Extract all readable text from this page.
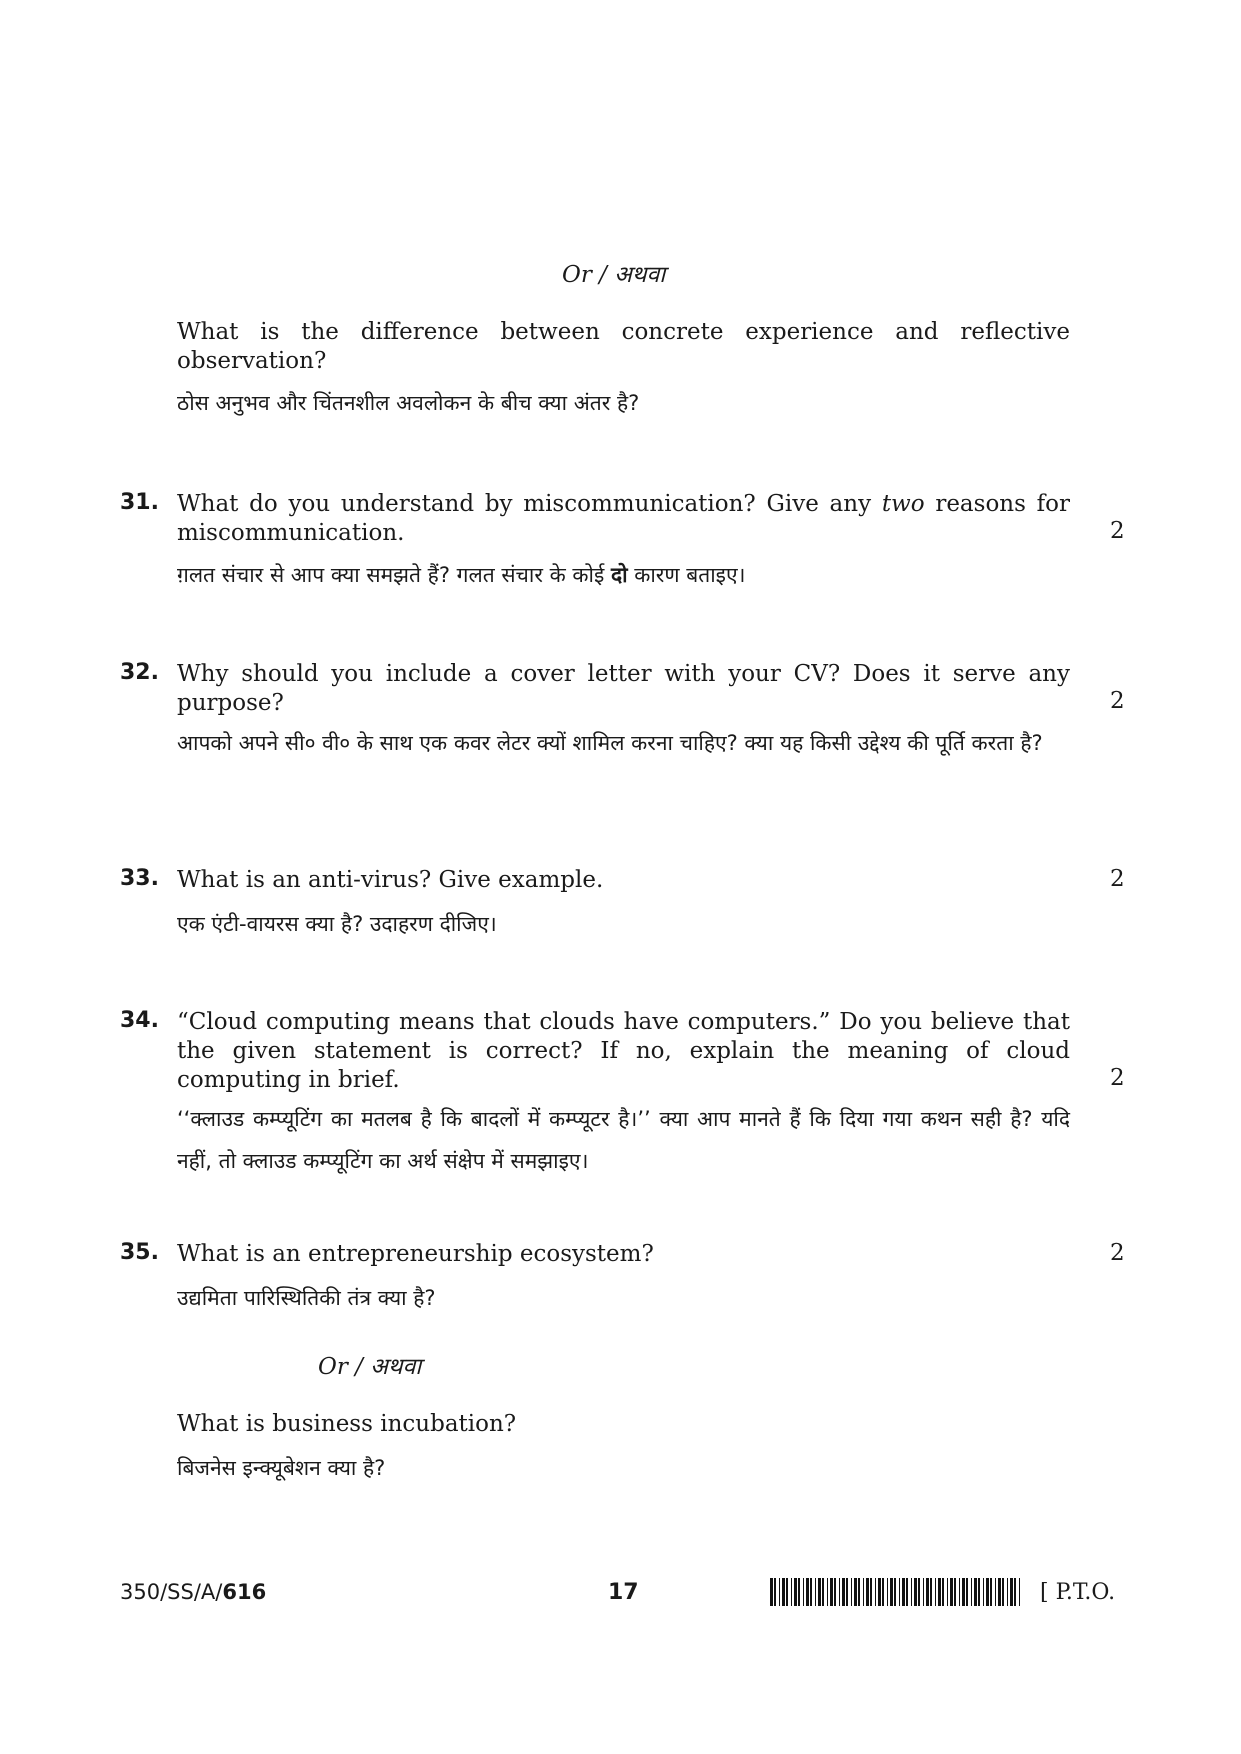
Or / अथवा
What is the difference between concrete experience and reflective observation?
ठोस अनुभव और चिंतनशील अवलोकन के बीच क्या अंतर है?
31. What do you understand by miscommunication? Give any two reasons for miscommunication.
ग़लत संचार से आप क्या समझते हैं? गलत संचार के कोई दो कारण बताइए।
2
32. Why should you include a cover letter with your CV? Does it serve any purpose?
आपको अपने सी० वी० के साथ एक कवर लेटर क्यों शामिल करना चाहिए? क्या यह किसी उद्देश्य की पूर्ति करता है?
2
33. What is an anti-virus? Give example.
एक एंटी-वायरस क्या है? उदाहरण दीजिए।
2
34. “Cloud computing means that clouds have computers.” Do you believe that the given statement is correct? If no, explain the meaning of cloud computing in brief.
‘‘क्लाउड कम्प्यूटिंग का मतलब है कि बादलों में कम्प्यूटर है।’’ क्या आप मानते हैं कि दिया गया कथन सही है? यदि नहीं, तो क्लाउड कम्प्यूटिंग का अर्थ संक्षेप में समझाइए।
2
35. What is an entrepreneurship ecosystem?
उद्यमिता पारिस्थितिकी तंत्र क्या है?
2
Or / अथवा
What is business incubation?
बिजनेस इन्क्यूबेशन क्या है?
350/SS/A/616	17	[ P.T.O.
